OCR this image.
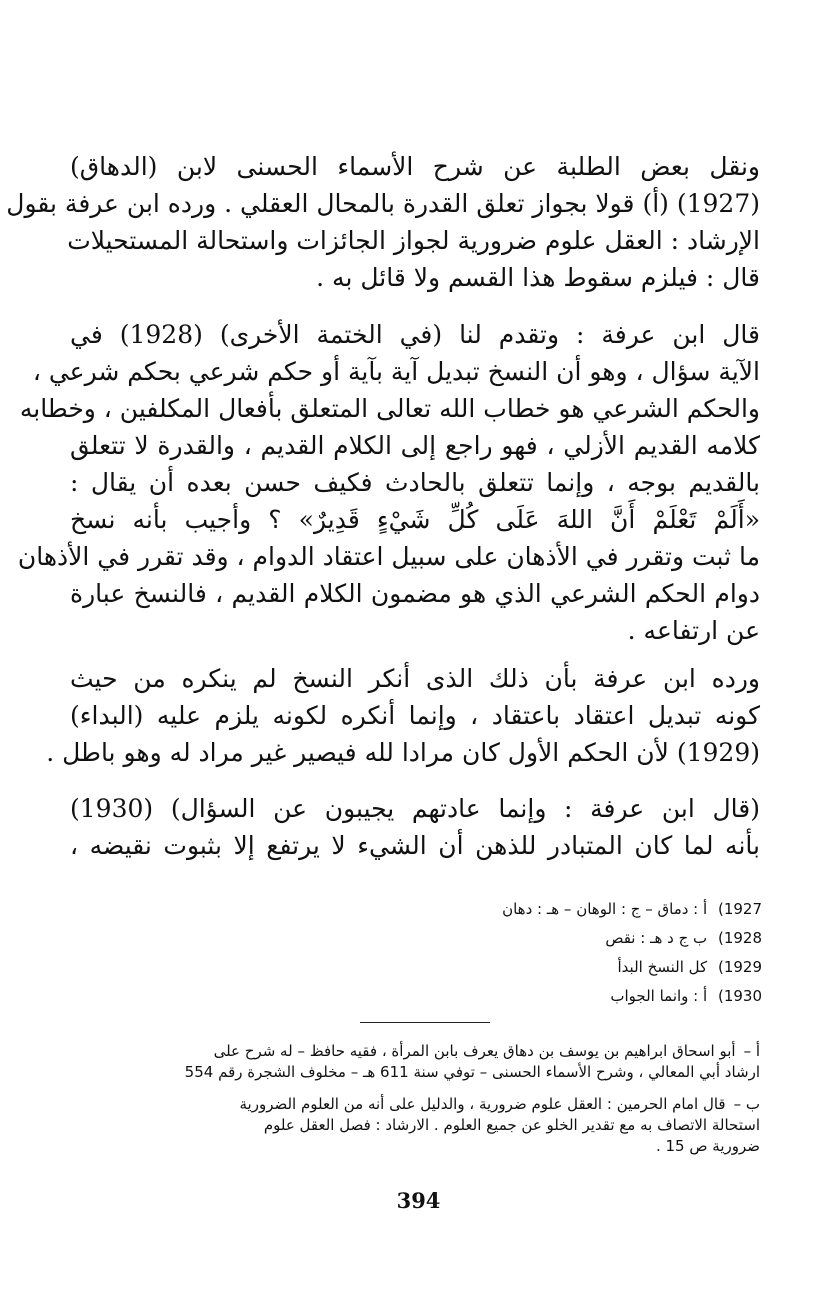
ونقل بعض الطلبة عن شرح الأسماء الحسنى لابن (الدهاق)
(1927) (أ) قولا بجواز تعلق القدرة بالمحال العقلي . ورده ابن عرفة بقول
الإرشاد : العقل علوم ضرورية لجواز الجائزات واستحالة المستحيلات
قال : فيلزم سقوط هذا القسم ولا قائل به .
قال ابن عرفة : وتقدم لنا (في الختمة الأخرى) (1928) في
الآية سؤال ، وهو أن النسخ تبديل آية بآية أو حكم شرعي بحكم شرعي ،
والحكم الشرعي هو خطاب الله تعالى المتعلق بأفعال المكلفين ، وخطابه
كلامه القديم الأزلي ، فهو راجع إلى الكلام القديم ، والقدرة لا تتعلق
بالقديم بوجه ، وإنما تتعلق بالحادث فكيف حسن بعده أن يقال :
«أَلَمْ تَعْلَمْ أَنَّ اللهَ عَلَى كُلِّ شَيْءٍ قَدِيرٌ» ؟ وأجيب بأنه نسخ
ما ثبت وتقرر في الأذهان على سبيل اعتقاد الدوام ، وقد تقرر في الأذهان
دوام الحكم الشرعي الذي هو مضمون الكلام القديم ، فالنسخ عبارة
عن ارتفاعه .
ورده ابن عرفة بأن ذلك الذى أنكر النسخ لم ينكره من حيث
كونه تبديل اعتقاد باعتقاد ، وإنما أنكره لكونه يلزم عليه (البداء)
(1929) لأن الحكم الأول كان مرادا لله فيصير غير مراد له وهو باطل .
(قال ابن عرفة : وإنما عادتهم يجيبون عن السؤال) (1930)
بأنه لما كان المتبادر للذهن أن الشيء لا يرتفع إلا بثبوت نقيضه ،
1927) أ : دماق – ج : الوهان – هـ : دهان
1928) ب ج د هـ : نقص
1929) كل النسخ البدأ
1930) أ : وانما الجواب
أ –أبو اسحاق ابراهيم بن يوسف بن دهاق يعرف بابن المرأة ، فقيه حافظ – له شرح على
ارشاد أبي المعالي ، وشرح الأسماء الحسنى – توفي سنة 611 هـ – مخلوف الشجرة رقم 554
ب –قال امام الحرمين : العقل علوم ضرورية ، والدليل على أنه من العلوم الضرورية
استحالة الاتصاف به مع تقدير الخلو عن جميع العلوم . الارشاد : فصل العقل علوم
ضرورية ص 15 .
394
